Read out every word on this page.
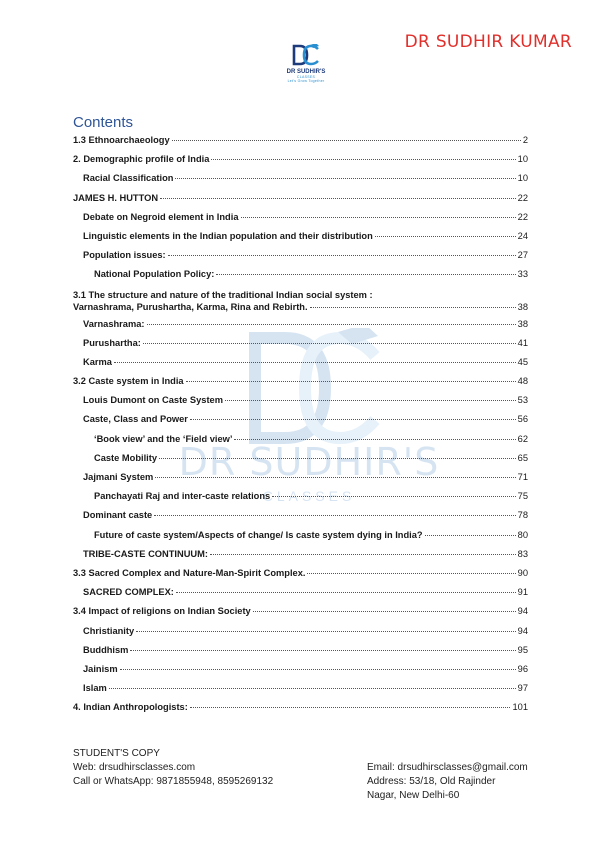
DR SUDHIR KUMAR
DR SUDHIR'S
CLASSES
Let's Grow Together
DR SUDHIR'S
CLASSES
Contents
1.3 Ethnoarchaeology	2
2. Demographic profile of India	10
Racial Classification	10
JAMES H. HUTTON	22
Debate on Negroid element in India	22
Linguistic elements in the Indian population and their distribution	24
Population issues:	27
National Population Policy:	33
3.1 The structure and nature of the traditional Indian social system :
Varnashrama, Purushartha, Karma, Rina and Rebirth.	38
Varnashrama:	38
Purushartha:	41
Karma	45
3.2 Caste system in India	48
Louis Dumont on Caste System	53
Caste, Class and Power	56
‘Book view’ and the ‘Field view’	62
Caste Mobility	65
Jajmani System	71
Panchayati Raj and inter-caste relations	75
Dominant caste	78
Future of caste system/Aspects of change/ Is caste system dying in India?	80
TRIBE-CASTE CONTINUUM:	83
3.3 Sacred Complex and Nature-Man-Spirit Complex.	90
SACRED COMPLEX:	91
3.4 Impact of religions on Indian Society	94
Christianity	94
Buddhism	95
Jainism	96
Islam	97
4. Indian Anthropologists:	101
STUDENT'S COPY
Web: drsudhirsclasses.com
Call or WhatsApp: 9871855948, 8595269132
Email: drsudhirsclasses@gmail.com
Address: 53/18, Old Rajinder
Nagar, New Delhi-60
